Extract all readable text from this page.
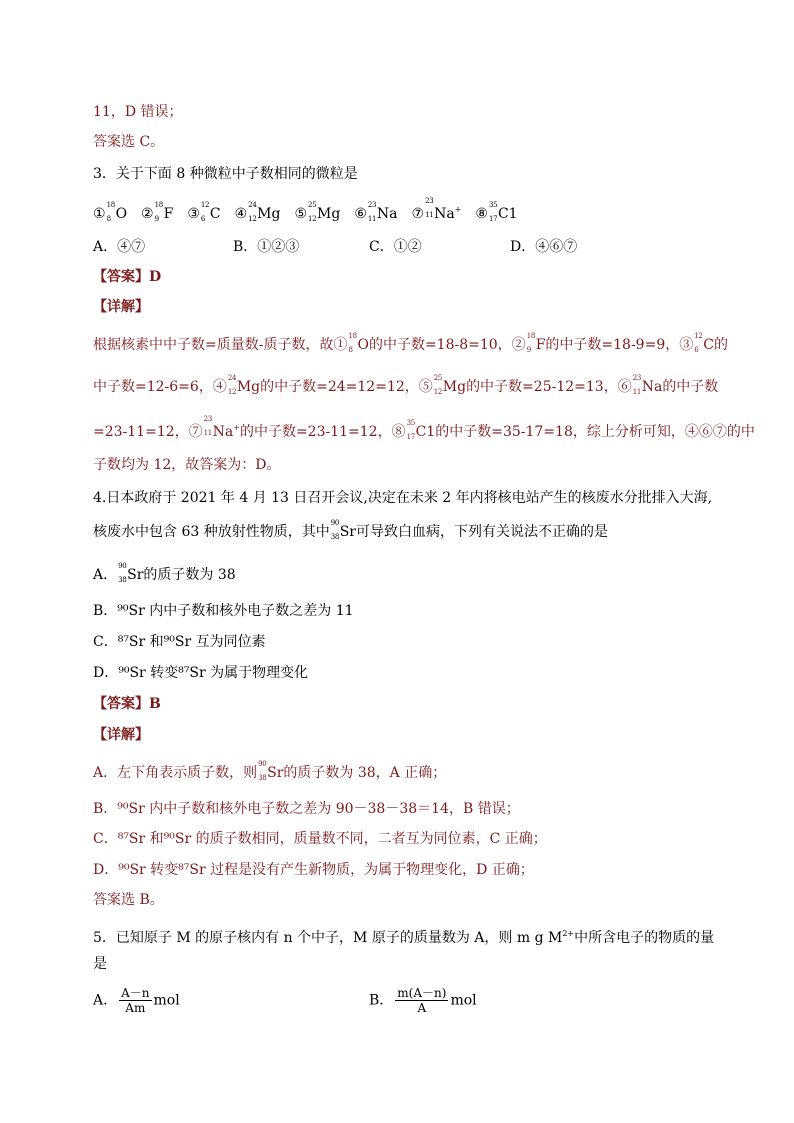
11，D 错误；
答案选 C。
3．关于下面 8 种微粒中子数相同的微粒是
①
18
8 O ②
18
9 F ③
12
6 C ④
24
12 Mg ⑤
25
12 Mg ⑥
23
11 Na ⑦
23
11 Na+ ⑧
35
17 C1
A．④⑦	B．①②③	C．①②	D．④⑥⑦
【答案】D
【详解】
根据核素中中子数=质量数-质子数，故①
18
8 O的中子数=18-8=10，②
18
9 F的中子数=18-9=9，③
12
6 C的
中子数=12-6=6，④
24
12 Mg的中子数=24=12=12，⑤
25
12 Mg的中子数=25-12=13，⑥
23
11 Na的中子数
=23-11=12，⑦
23
11 Na+的中子数=23-11=12，⑧
35
17 C1的中子数=35-17=18，综上分析可知，④⑥⑦的中
子数均为 12，故答案为：D。
4.日本政府于 2021 年 4 月 13 日召开会议,决定在未来 2 年内将核电站产生的核废水分批排入大海,
核废水中包含 63 种放射性物质，其中
90
38 Sr可导致白血病，下列有关说法不正确的是
A．
90
38 Sr的质子数为 38
B．⁹⁰Sr 内中子数和核外电子数之差为 11
C．⁸⁷Sr 和⁹⁰Sr 互为同位素
D．⁹⁰Sr 转变⁸⁷Sr 为属于物理变化
【答案】B
【详解】
A．左下角表示质子数，则
90
38 Sr的质子数为 38，A 正确；
B．⁹⁰Sr 内中子数和核外电子数之差为 90－38－38＝14，B 错误；
C．⁸⁷Sr 和⁹⁰Sr 的质子数相同，质量数不同，二者互为同位素，C 正确；
D．⁹⁰Sr 转变⁸⁷Sr 过程是没有产生新物质，为属于物理变化，D 正确；
答案选 B。
5．已知原子 M 的原子核内有 n 个中子，M 原子的质量数为 A，则 m g $M^{2+}$中所含电子的物质的量
是
A． $\frac{A-n}{Am}$ mol	B． $\frac{m(A-n)}{A}$ mol
